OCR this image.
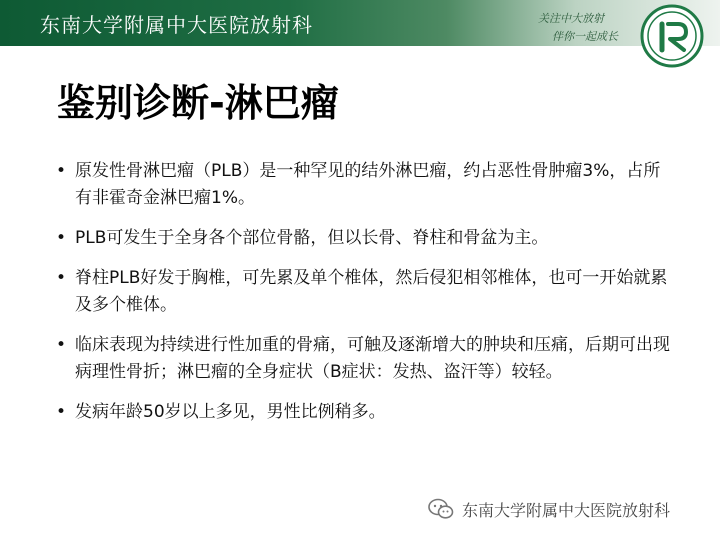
东南大学附属中大医院放射科	关注中大放射
伴你一起成长
鉴别诊断-淋巴瘤
• 原发性骨淋巴瘤（PLB）是一种罕见的结外淋巴瘤，约占恶性骨肿瘤3%，占所有非霍奇金淋巴瘤1%。
• PLB可发生于全身各个部位骨骼，但以长骨、脊柱和骨盆为主。
• 脊柱PLB好发于胸椎，可先累及单个椎体，然后侵犯相邻椎体，也可一开始就累及多个椎体。
• 临床表现为持续进行性加重的骨痛，可触及逐渐增大的肿块和压痛，后期可出现病理性骨折；淋巴瘤的全身症状（B症状：发热、盗汗等）较轻。
• 发病年龄50岁以上多见，男性比例稍多。
东南大学附属中大医院放射科
